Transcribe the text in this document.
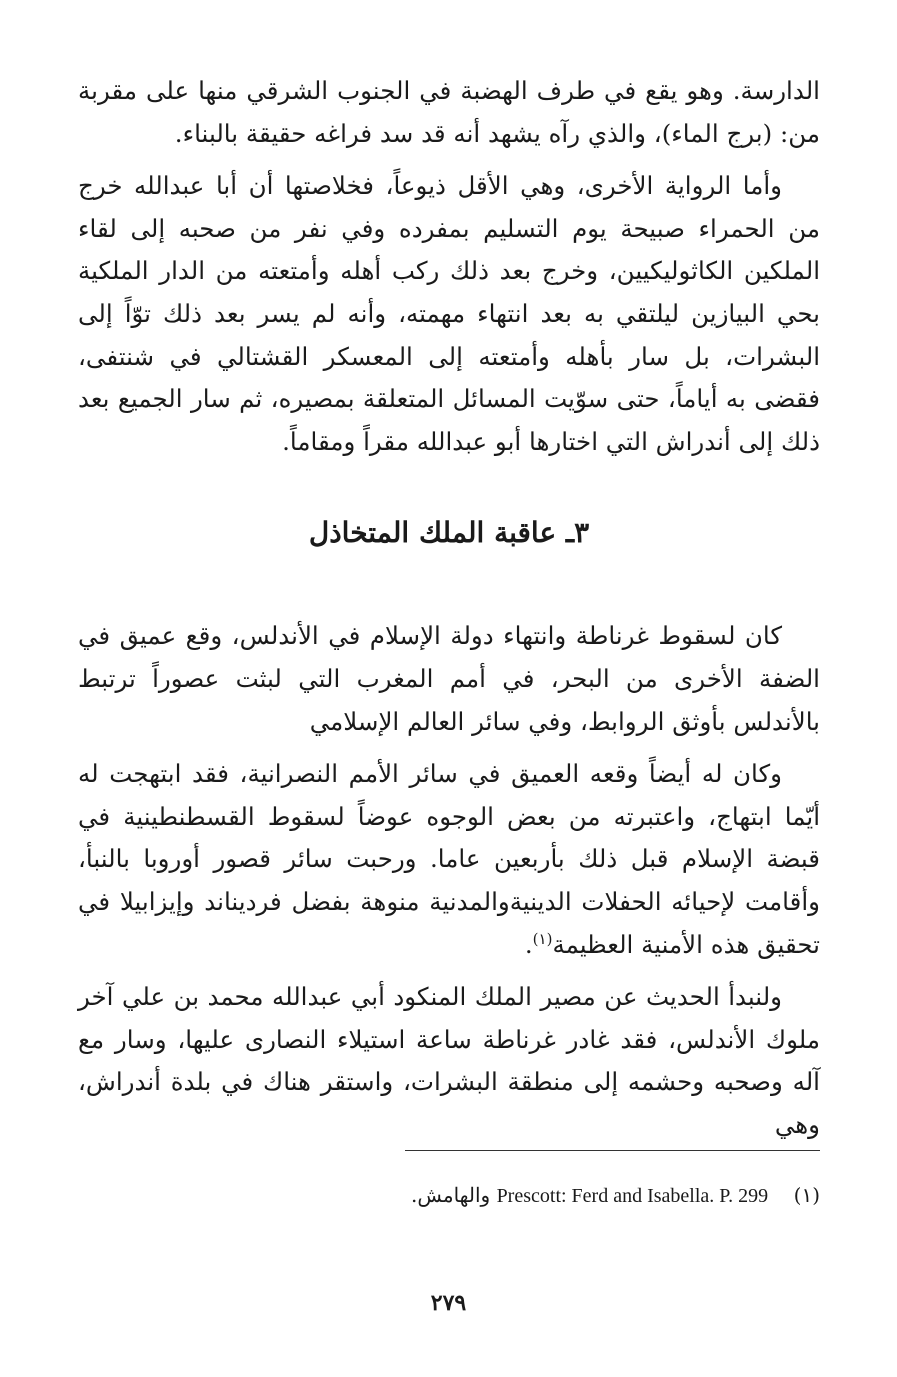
الدارسة. وهو يقع في طرف الهضبة في الجنوب الشرقي منها على مقربة من: (برج الماء)، والذي رآه يشهد أنه قد سد فراغه حقيقة بالبناء.

وأما الرواية الأخرى، وهي الأقل ذيوعاً، فخلاصتها أن أبا عبدالله خرج من الحمراء صبيحة يوم التسليم بمفرده وفي نفر من صحبه إلى لقاء الملكين الكاثوليكيين، وخرج بعد ذلك ركب أهله وأمتعته من الدار الملكية بحي البيازين ليلتقي به بعد انتهاء مهمته، وأنه لم يسر بعد ذلك توّاً إلى البشرات، بل سار بأهله وأمتعته إلى المعسكر القشتالي في شنتفى، فقضى به أياماً، حتى سوّيت المسائل المتعلقة بمصيره، ثم سار الجميع بعد ذلك إلى أندراش التي اختارها أبو عبدالله مقراً ومقاماً.

٣ـ عاقبة الملك المتخاذل

كان لسقوط غرناطة وانتهاء دولة الإسلام في الأندلس، وقع عميق في الضفة الأخرى من البحر، في أمم المغرب التي لبثت عصوراً ترتبط بالأندلس بأوثق الروابط، وفي سائر العالم الإسلامي

وكان له أيضاً وقعه العميق في سائر الأمم النصرانية، فقد ابتهجت له أيّما ابتهاج، واعتبرته من بعض الوجوه عوضاً لسقوط القسطنطينية في قبضة الإسلام قبل ذلك بأربعين عاما. ورحبت سائر قصور أوروبا بالنبأ، وأقامت لإحيائه الحفلات الدينيةوالمدنية منوهة بفضل فرديناند وإيزابيلا في تحقيق هذه الأمنية العظيمة$^{(١)}$.

ولنبدأ الحديث عن مصير الملك المنكود أبي عبدالله محمد بن علي آخر ملوك الأندلس، فقد غادر غرناطة ساعة استيلاء النصارى عليها، وسار مع آله وصحبه وحشمه إلى منطقة البشرات، واستقر هناك في بلدة أندراش، وهي

(١)    Prescott: Ferd and Isabella. P. 299 والهامش.
٢٧٩
